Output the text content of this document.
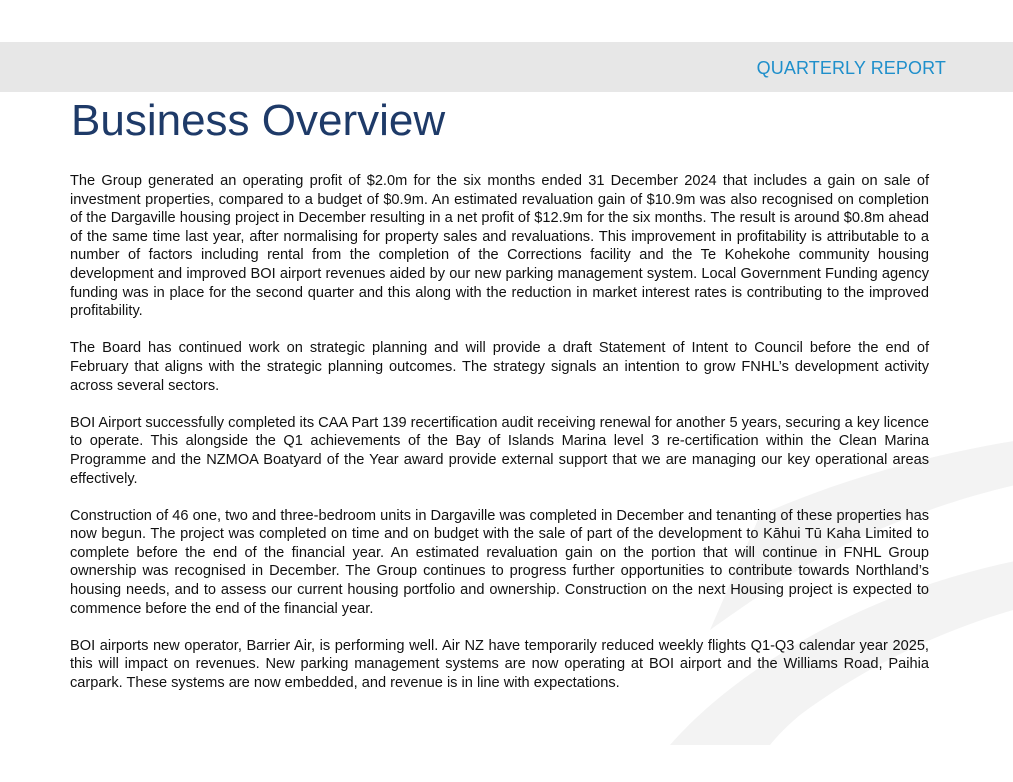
QUARTERLY REPORT
Business Overview

The Group generated an operating profit of $2.0m for the six months ended 31 December 2024 that includes a gain on sale of investment properties, compared to a budget of $0.9m. An estimated revaluation gain of $10.9m was also recognised on completion of the Dargaville housing project in December resulting in a net profit of $12.9m for the six months. The result is around $0.8m ahead of the same time last year, after normalising for property sales and revaluations. This improvement in profitability is attributable to a number of factors including rental from the completion of the Corrections facility and the Te Kohekohe community housing development and improved BOI airport revenues aided by our new parking management system. Local Government Funding agency funding was in place for the second quarter and this along with the reduction in market interest rates is contributing to the improved profitability.

The Board has continued work on strategic planning and will provide a draft Statement of Intent to Council before the end of February that aligns with the strategic planning outcomes. The strategy signals an intention to grow FNHL’s development activity across several sectors.

BOI Airport successfully completed its CAA Part 139 recertification audit receiving renewal for another 5 years, securing a key licence to operate. This alongside the Q1 achievements of the Bay of Islands Marina level 3 re-certification within the Clean Marina Programme and the NZMOA Boatyard of the Year award provide external support that we are managing our key operational areas effectively.

Construction of 46 one, two and three-bedroom units in Dargaville was completed in December and tenanting of these properties has now begun. The project was completed on time and on budget with the sale of part of the development to Kāhui Tū Kaha Limited to complete before the end of the financial year. An estimated revaluation gain on the portion that will continue in FNHL Group ownership was recognised in December. The Group continues to progress further opportunities to contribute towards Northland’s housing needs, and to assess our current housing portfolio and ownership. Construction on the next Housing project is expected to commence before the end of the financial year.

BOI airports new operator, Barrier Air, is performing well. Air NZ have temporarily reduced weekly flights Q1-Q3 calendar year 2025, this will impact on revenues. New parking management systems are now operating at BOI airport and the Williams Road, Paihia carpark. These systems are now embedded, and revenue is in line with expectations.
